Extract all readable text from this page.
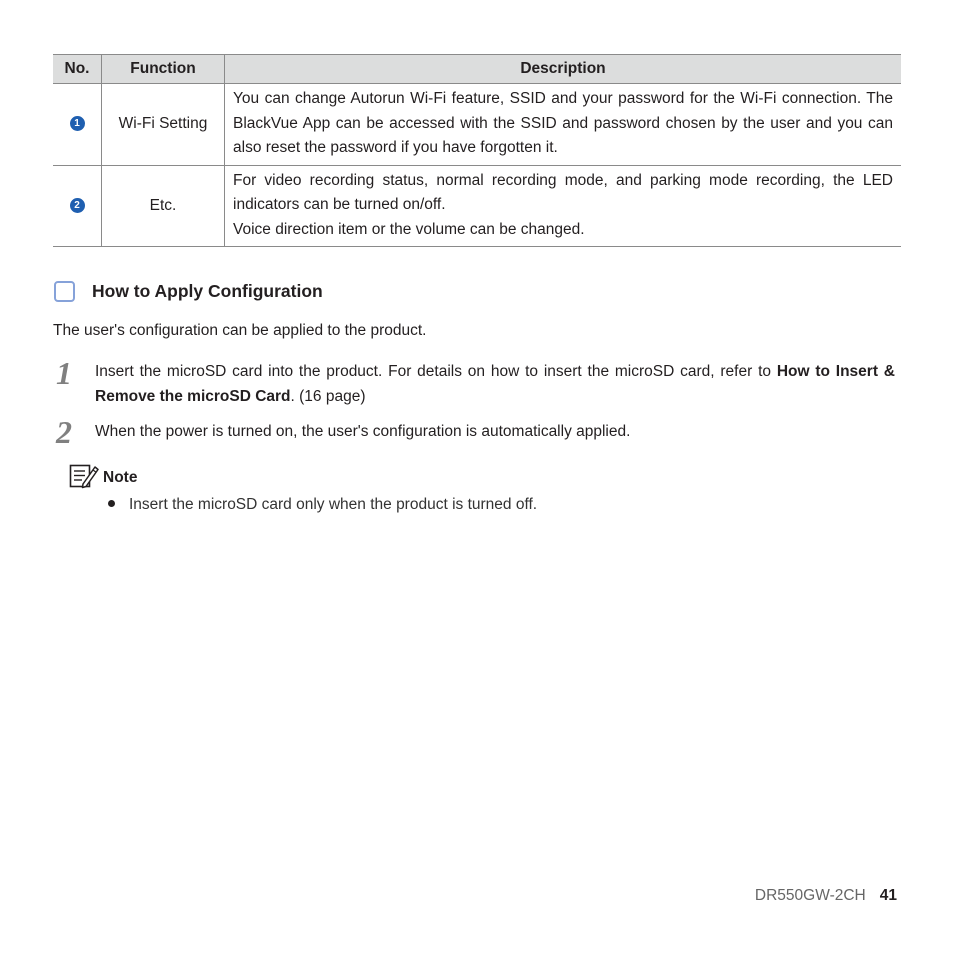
No.	Function	Description
1	Wi-Fi Setting	You can change Autorun Wi-Fi feature, SSID and your password for the Wi-Fi connection. The BlackVue App can be accessed with the SSID and password chosen by the user and you can also reset the password if you have forgotten it.
2	Etc.	For video recording status, normal recording mode, and parking mode recording, the LED indicators can be turned on/off.
Voice direction item or the volume can be changed.
How to Apply Configuration
The user's configuration can be applied to the product.
1 Insert the microSD card into the product. For details on how to insert the microSD card, refer to How to Insert & Remove the microSD Card. (16 page)
2 When the power is turned on, the user's configuration is automatically applied.
Note
Insert the microSD card only when the product is turned off.
DR550GW-2CH 41
